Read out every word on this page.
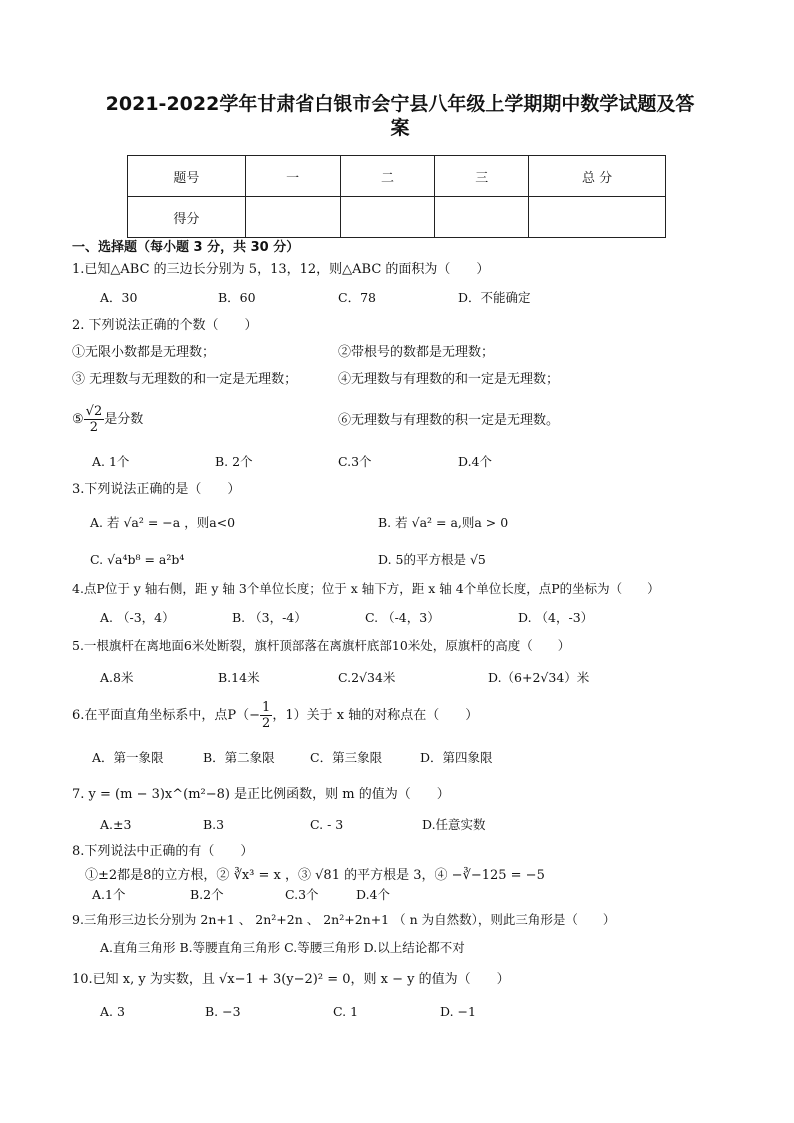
2021-2022学年甘肃省白银市会宁县八年级上学期期中数学试题及答
案
题号	一	二	三	总 分
得分				
一、选择题（每小题 3 分，共 30 分）
1.已知△ABC 的三边长分别为 5，13，12，则△ABC 的面积为（　　）
A．30	B．60	C．78	D．不能确定
2. 下列说法正确的个数（　　）
①无限小数都是无理数；	②带根号的数都是无理数；
③ 无理数与无理数的和一定是无理数；	④无理数与有理数的和一定是无理数；
⑤ $\frac{√2}{2}$ 是分数	⑥无理数与有理数的积一定是无理数。
A. 1个	B. 2个	C.3个	D.4个
3.下列说法正确的是（　　）
A. 若 √a² = −a ，则a<0	B. 若 √a² = a,则a > 0
C. √a⁴b⁸ = a²b⁴	D. 5的平方根是 √5
4.点P位于 y 轴右侧，距 y 轴 3个单位长度；位于 x 轴下方，距 x 轴 4个单位长度，点P的坐标为（　　）
A. （-3，4）	B. （3，-4）	C. （-4，3）	D. （4，-3）
5.一根旗杆在离地面6米处断裂，旗杆顶部落在离旗杆底部10米处，原旗杆的高度（　　）
A.8米	B.14米	C.2√34米	D.（6+2√34）米
6.在平面直角坐标系中，点$P(- \frac{1}{2}$ ，1）关于 x 轴的对称点在（　　）
A．第一象限	B．第二象限	C．第三象限	D．第四象限
7. y = (m − 3)x^(m²−8) 是正比例函数，则 m 的值为（　　）
A.±3	B.3	C. - 3	D.任意实数
8.下列说法中正确的有（　　）
①±2都是8的立方根，② ∛x³ = x ，③ √81 的平方根是 3，④ −∛−125 = −5
A.1个	B.2个	C.3个	D.4个
9.三角形三边长分别为 2n+1 、 2n²+2n 、 2n²+2n+1 （ n 为自然数），则此三角形是（　　）
A.直角三角形 B.等腰直角三角形 C.等腰三角形 D.以上结论都不对
10.已知 x, y 为实数，且 √x−1 + 3(y−2)² = 0，则 x − y 的值为（　　）
A. 3	B. −3	C. 1	D. −1
